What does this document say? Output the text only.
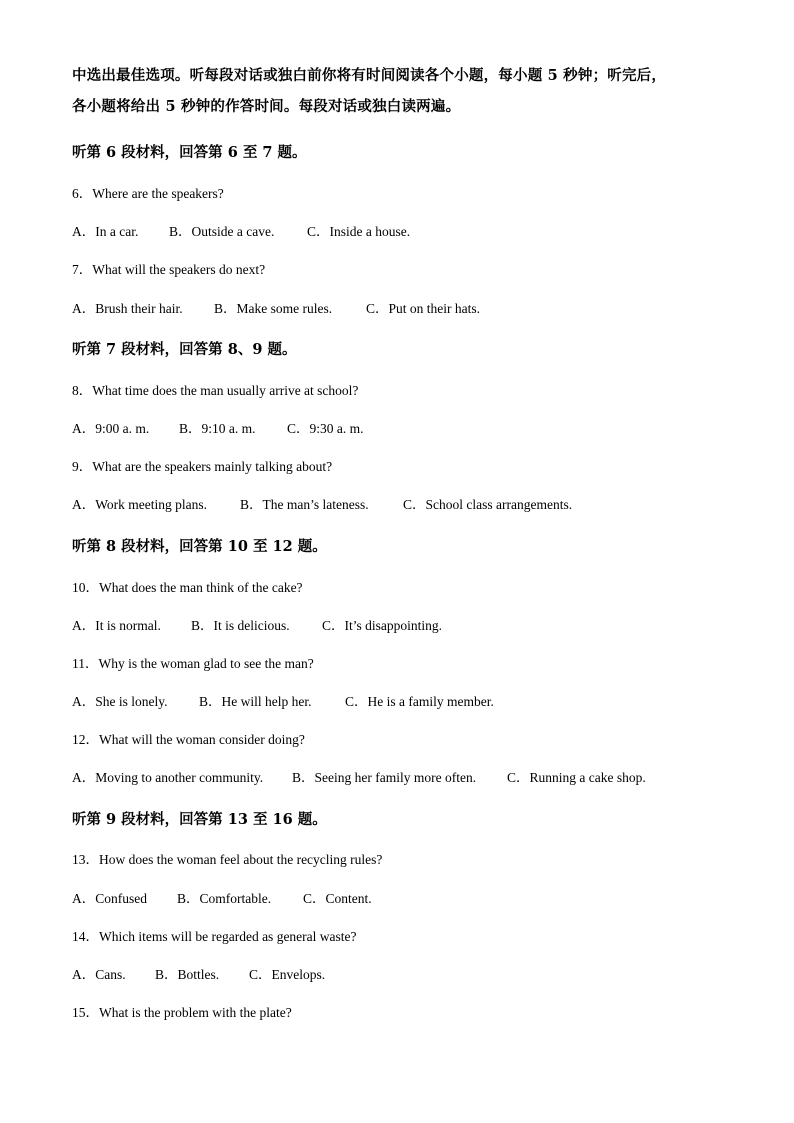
中选出最佳选项。听每段对话或独白前你将有时间阅读各个小题，每小题 5 秒钟；听完后，
各小题将给出 5 秒钟的作答时间。每段对话或独白读两遍。
听第 6 段材料，回答第 6 至 7 题。
6．Where are the speakers?
A．In a car. B．Outside a cave. C．Inside a house.
7．What will the speakers do next?
A．Brush their hair. B．Make some rules.	C．Put on their hats.
听第 7 段材料，回答第 8、9 题。
8．What time does the man usually arrive at school?
A．9:00 a. m. B．9:10 a. m. C．9:30 a. m.
9．What are the speakers mainly talking about?
A．Work meeting plans. B．The man’s lateness.	C．School class arrangements.
听第 8 段材料，回答第 10 至 12 题。
10．What does the man think of the cake?
A．It is normal. B．It is delicious. C．It’s disappointing.
11．Why is the woman glad to see the man?
A．She is lonely. B．He will help her. C．He is a family member.
12．What will the woman consider doing?
A．Moving to another community. B．Seeing her family more often. C．Running a cake shop.
听第 9 段材料，回答第 13 至 16 题。
13．How does the woman feel about the recycling rules?
A．Confused B．Comfortable. C．Content.
14．Which items will be regarded as general waste?
A．Cans. B．Bottles. C．Envelops.
15．What is the problem with the plate?
